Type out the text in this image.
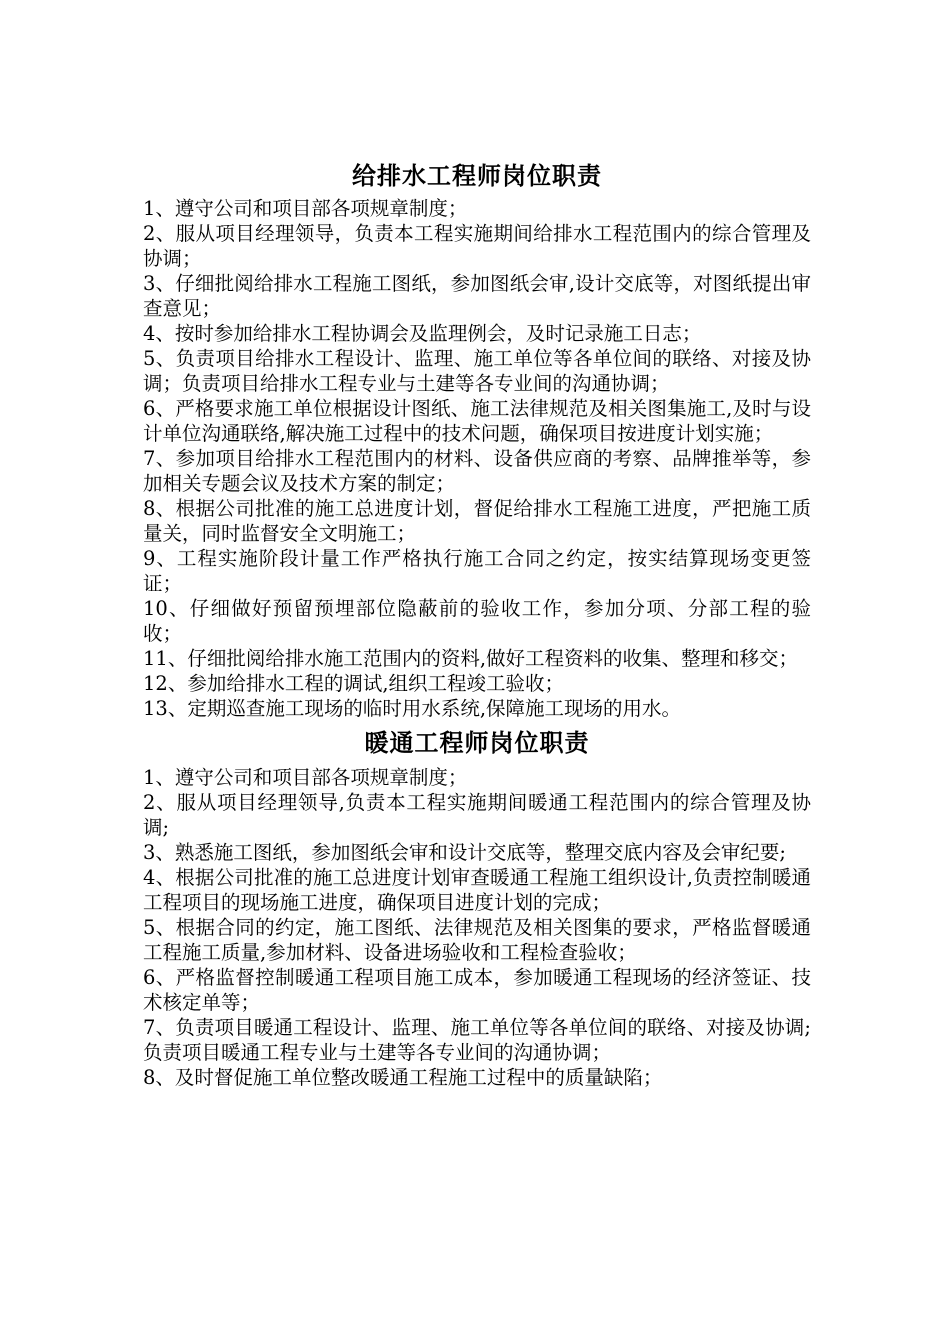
给排水工程师岗位职责
1、遵守公司和项目部各项规章制度；
2、服从项目经理领导，负责本工程实施期间给排水工程范围内的综合管理及协调；
3、仔细批阅给排水工程施工图纸，参加图纸会审,设计交底等，对图纸提出审查意见；
4、按时参加给排水工程协调会及监理例会，及时记录施工日志；
5、负责项目给排水工程设计、监理、施工单位等各单位间的联络、对接及协调；负责项目给排水工程专业与土建等各专业间的沟通协调；
6、严格要求施工单位根据设计图纸、施工法律规范及相关图集施工,及时与设计单位沟通联络,解决施工过程中的技术问题，确保项目按进度计划实施；
7、参加项目给排水工程范围内的材料、设备供应商的考察、品牌推举等，参加相关专题会议及技术方案的制定；
8、根据公司批准的施工总进度计划，督促给排水工程施工进度，严把施工质量关，同时监督安全文明施工；
9、工程实施阶段计量工作严格执行施工合同之约定，按实结算现场变更签证；
10、仔细做好预留预埋部位隐蔽前的验收工作，参加分项、分部工程的验收；
11、仔细批阅给排水施工范围内的资料,做好工程资料的收集、整理和移交；
12、参加给排水工程的调试,组织工程竣工验收；
13、定期巡查施工现场的临时用水系统,保障施工现场的用水。
暖通工程师岗位职责
1、遵守公司和项目部各项规章制度；
2、服从项目经理领导,负责本工程实施期间暖通工程范围内的综合管理及协调;
3、熟悉施工图纸，参加图纸会审和设计交底等，整理交底内容及会审纪要;
4、根据公司批准的施工总进度计划审查暖通工程施工组织设计,负责控制暖通工程项目的现场施工进度，确保项目进度计划的完成；
5、根据合同的约定，施工图纸、法律规范及相关图集的要求，严格监督暖通工程施工质量,参加材料、设备进场验收和工程检查验收；
6、严格监督控制暖通工程项目施工成本，参加暖通工程现场的经济签证、技术核定单等；
7、负责项目暖通工程设计、监理、施工单位等各单位间的联络、对接及协调;负责项目暖通工程专业与土建等各专业间的沟通协调；
8、及时督促施工单位整改暖通工程施工过程中的质量缺陷；
